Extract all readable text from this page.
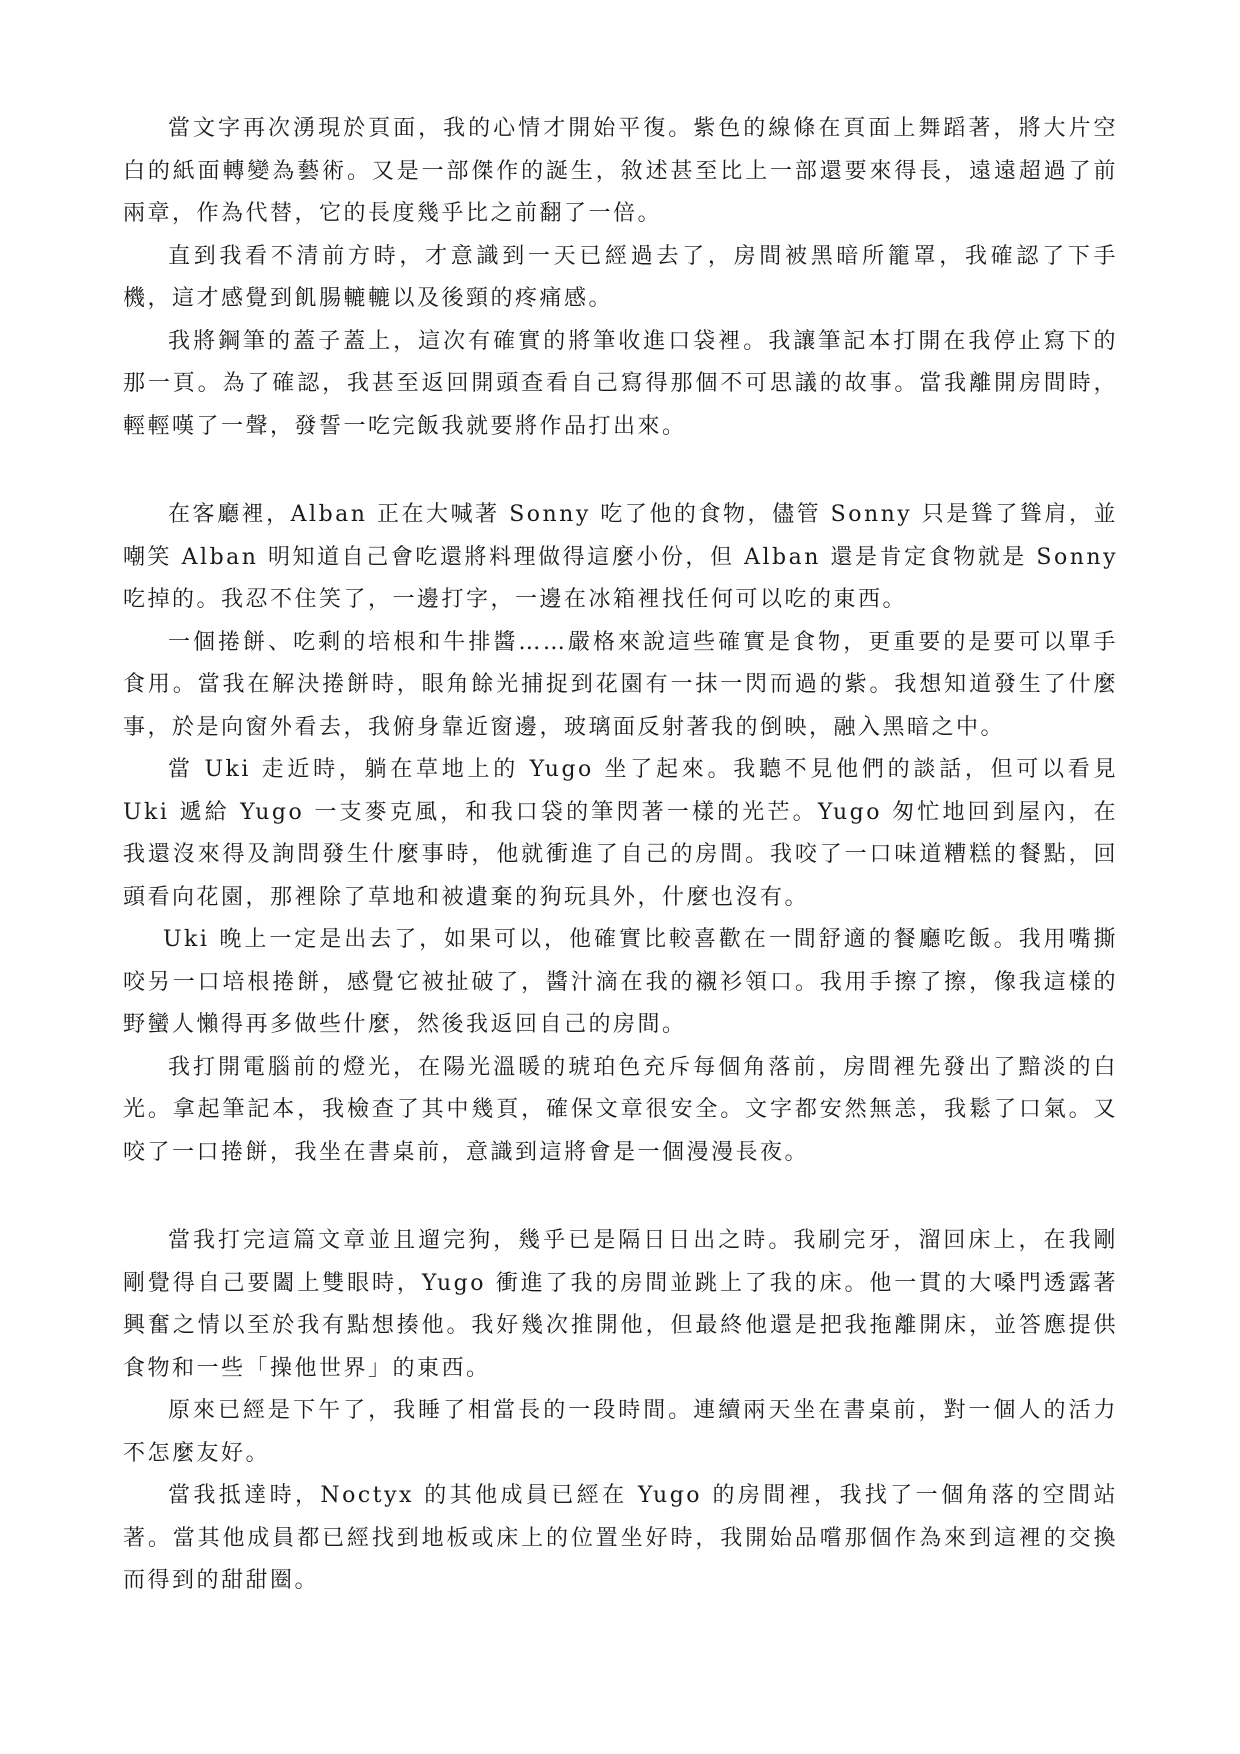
當文字再次湧現於頁面，我的心情才開始平復。紫色的線條在頁面上舞蹈著，將大片空白的紙面轉變為藝術。又是一部傑作的誕生，敘述甚至比上一部還要來得長，遠遠超過了前兩章，作為代替，它的長度幾乎比之前翻了一倍。

直到我看不清前方時，才意識到一天已經過去了，房間被黑暗所籠罩，我確認了下手機，這才感覺到飢腸轆轆以及後頸的疼痛感。

我將鋼筆的蓋子蓋上，這次有確實的將筆收進口袋裡。我讓筆記本打開在我停止寫下的那一頁。為了確認，我甚至返回開頭查看自己寫得那個不可思議的故事。當我離開房間時，輕輕嘆了一聲，發誓一吃完飯我就要將作品打出來。

在客廳裡，Alban 正在大喊著 Sonny 吃了他的食物，儘管 Sonny 只是聳了聳肩，並嘲笑 Alban 明知道自己會吃還將料理做得這麼小份，但 Alban 還是肯定食物就是 Sonny 吃掉的。我忍不住笑了，一邊打字，一邊在冰箱裡找任何可以吃的東西。

一個捲餅、吃剩的培根和牛排醬……嚴格來說這些確實是食物，更重要的是要可以單手食用。當我在解決捲餅時，眼角餘光捕捉到花園有一抹一閃而過的紫。我想知道發生了什麼事，於是向窗外看去，我俯身靠近窗邊，玻璃面反射著我的倒映，融入黑暗之中。

當 Uki 走近時，躺在草地上的 Yugo 坐了起來。我聽不見他們的談話，但可以看見 Uki 遞給 Yugo 一支麥克風，和我口袋的筆閃著一樣的光芒。Yugo 匆忙地回到屋內，在我還沒來得及詢問發生什麼事時，他就衝進了自己的房間。我咬了一口味道糟糕的餐點，回頭看向花園，那裡除了草地和被遺棄的狗玩具外，什麼也沒有。

Uki 晚上一定是出去了，如果可以，他確實比較喜歡在一間舒適的餐廳吃飯。我用嘴撕咬另一口培根捲餅，感覺它被扯破了，醬汁滴在我的襯衫領口。我用手擦了擦，像我這樣的野蠻人懶得再多做些什麼，然後我返回自己的房間。

我打開電腦前的燈光，在陽光溫暖的琥珀色充斥每個角落前，房間裡先發出了黯淡的白光。拿起筆記本，我檢查了其中幾頁，確保文章很安全。文字都安然無恙，我鬆了口氣。又咬了一口捲餅，我坐在書桌前，意識到這將會是一個漫漫長夜。

當我打完這篇文章並且遛完狗，幾乎已是隔日日出之時。我刷完牙，溜回床上，在我剛剛覺得自己要闔上雙眼時，Yugo 衝進了我的房間並跳上了我的床。他一貫的大嗓門透露著興奮之情以至於我有點想揍他。我好幾次推開他，但最終他還是把我拖離開床，並答應提供食物和一些「操他世界」的東西。

原來已經是下午了，我睡了相當長的一段時間。連續兩天坐在書桌前，對一個人的活力不怎麼友好。

當我抵達時，Noctyx 的其他成員已經在 Yugo 的房間裡，我找了一個角落的空間站著。當其他成員都已經找到地板或床上的位置坐好時，我開始品嚐那個作為來到這裡的交換而得到的甜甜圈。
